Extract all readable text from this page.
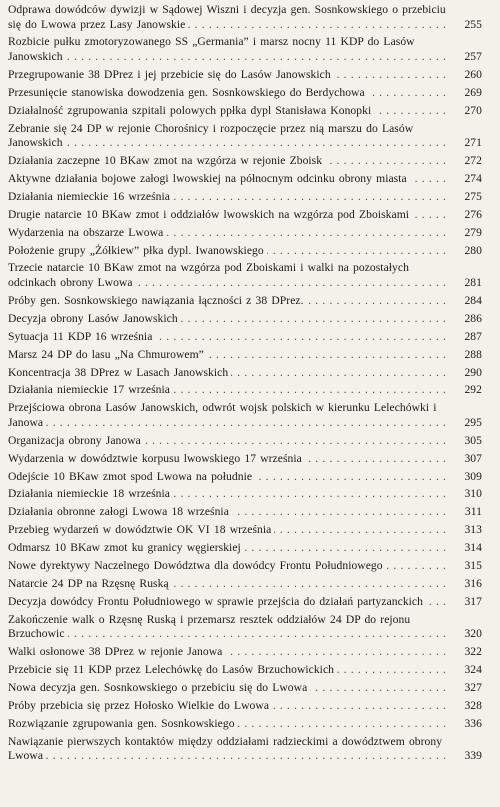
Odprawa dowódców dywizji w Sądowej Wiszni i decyzja gen. Sosnkowskiego o przebiciu się do Lwowa przez Lasy Janowskie	255
. . .
Rozbicie pułku zmotoryzowanego SS „Germania” i marsz nocny 11 KDP do Lasów Janowskich	257
. . .
Przegrupowanie 38 DPrez i jej przebicie się do Lasów Janowskich	260
. . .
Przesunięcie stanowiska dowodzenia gen. Sosnkowskiego do Berdychowa	269
. . .
Działalność zgrupowania szpitali polowych ppłka dypl Stanisława Konopki	270
. . .
Zebranie się 24 DP w rejonie Chorośnicy i rozpoczęcie przez nią marszu do Lasów Janowskich	271
. . .
Działania zaczepne 10 BKaw zmot na wzgórza w rejonie Zboisk	272
. . .
Aktywne działania bojowe załogi lwowskiej na północnym odcinku obrony miasta	274
. . .
Działania niemieckie 16 września	275
. . .
Drugie natarcie 10 BKaw zmot i oddziałów lwowskich na wzgórza pod Zboiskami	276
. . .
Wydarzenia na obszarze Lwowa	279
. . .
Położenie grupy „Żółkiew” płka dypl. Iwanowskiego	280
. . .
Trzecie natarcie 10 BKaw zmot na wzgórza pod Zboiskami i walki na pozostałych odcinkach obrony Lwowa	281
. . .
Próby gen. Sosnkowskiego nawiązania łączności z 38 DPrez.	284
. . .
Decyzja obrony Lasów Janowskich	286
. . .
Sytuacja 11 KDP 16 września	287
. . .
Marsz 24 DP do lasu „Na Chmurowem”	288
. . .
Koncentracja 38 DPrez w Lasach Janowskich	290
. . .
Działania niemieckie 17 września	292
. . .
Przejściowa obrona Lasów Janowskich, odwrót wojsk polskich w kierunku Lelechówki i Janowa	295
. . .
Organizacja obrony Janowa	305
. . .
Wydarzenia w dowództwie korpusu lwowskiego 17 września	307
. . .
Odejście 10 BKaw zmot spod Lwowa na południe	309
. . .
Działania niemieckie 18 września	310
. . .
Działania obronne załogi Lwowa 18 września	311
. . .
Przebieg wydarzeń w dowództwie OK VI 18 września	313
. . .
Odmarsz 10 BKaw zmot ku granicy węgierskiej	314
. . .
Nowe dyrektywy Naczelnego Dowództwa dla dowódcy Frontu Południowego	315
. . .
Natarcie 24 DP na Rzęsnę Ruską	316
. . .
Decyzja dowódcy Frontu Południowego w sprawie przejścia do działań partyzanckich	317
. . .
Zakończenie walk o Rzęsnę Ruską i przemarsz resztek oddziałów 24 DP do rejonu Brzuchowic	320
. . .
Walki osłonowe 38 DPrez w rejonie Janowa	322
. . .
Przebicie się 11 KDP przez Lelechówkę do Lasów Brzuchowickich	324
. . .
Nowa decyzja gen. Sosnkowskiego o przebiciu się do Lwowa	327
. . .
Próby przebicia się przez Hołosko Wielkie do Lwowa	328
. . .
Rozwiązanie zgrupowania gen. Sosnkowskiego	336
. . .
Nawiązanie pierwszych kontaktów między oddziałami radzieckimi a dowództwem obrony Lwowa	339
. . .
